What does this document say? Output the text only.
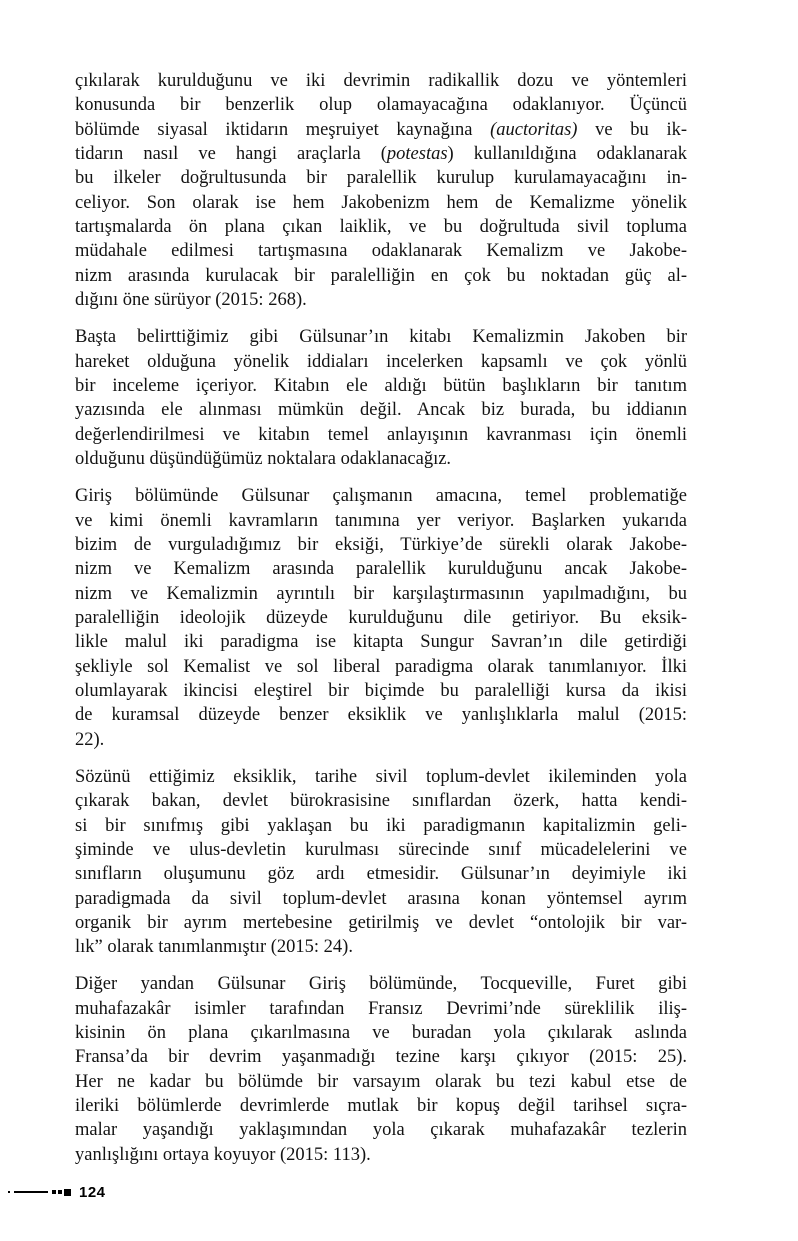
çıkılarak kurulduğunu ve iki devrimin radikallik dozu ve yöntemleri
konusunda bir benzerlik olup olamayacağına odaklanıyor. Üçüncü
bölümde siyasal iktidarın meşruiyet kaynağına (auctoritas) ve bu ik-
tidarın nasıl ve hangi araçlarla (potestas) kullanıldığına odaklanarak
bu ilkeler doğrultusunda bir paralellik kurulup kurulamayacağını in-
celiyor. Son olarak ise hem Jakobenizm hem de Kemalizme yönelik
tartışmalarda ön plana çıkan laiklik, ve bu doğrultuda sivil topluma
müdahale edilmesi tartışmasına odaklanarak Kemalizm ve Jakobe-
nizm arasında kurulacak bir paralelliğin en çok bu noktadan güç al-
dığını öne sürüyor (2015: 268).
Başta belirttiğimiz gibi Gülsunar’ın kitabı Kemalizmin Jakoben bir
hareket olduğuna yönelik iddiaları incelerken kapsamlı ve çok yönlü
bir inceleme içeriyor. Kitabın ele aldığı bütün başlıkların bir tanıtım
yazısında ele alınması mümkün değil. Ancak biz burada, bu iddianın
değerlendirilmesi ve kitabın temel anlayışının kavranması için önemli
olduğunu düşündüğümüz noktalara odaklanacağız.
Giriş bölümünde Gülsunar çalışmanın amacına, temel problematiğe
ve kimi önemli kavramların tanımına yer veriyor. Başlarken yukarıda
bizim de vurguladığımız bir eksiği, Türkiye’de sürekli olarak Jakobe-
nizm ve Kemalizm arasında paralellik kurulduğunu ancak Jakobe-
nizm ve Kemalizmin ayrıntılı bir karşılaştırmasının yapılmadığını, bu
paralelliğin ideolojik düzeyde kurulduğunu dile getiriyor. Bu eksik-
likle malul iki paradigma ise kitapta Sungur Savran’ın dile getirdiği
şekliyle sol Kemalist ve sol liberal paradigma olarak tanımlanıyor. İlki
olumlayarak ikincisi eleştirel bir biçimde bu paralelliği kursa da ikisi
de kuramsal düzeyde benzer eksiklik ve yanlışlıklarla malul (2015:
22).
Sözünü ettiğimiz eksiklik, tarihe sivil toplum-devlet ikileminden yola
çıkarak bakan, devlet bürokrasisine sınıflardan özerk, hatta kendi-
si bir sınıfmış gibi yaklaşan bu iki paradigmanın kapitalizmin geli-
şiminde ve ulus-devletin kurulması sürecinde sınıf mücadelelerini ve
sınıfların oluşumunu göz ardı etmesidir. Gülsunar’ın deyimiyle iki
paradigmada da sivil toplum-devlet arasına konan yöntemsel ayrım
organik bir ayrım mertebesine getirilmiş ve devlet “ontolojik bir var-
lık” olarak tanımlanmıştır (2015: 24).
Diğer yandan Gülsunar Giriş bölümünde, Tocqueville, Furet gibi
muhafazakâr isimler tarafından Fransız Devrimi’nde süreklilik iliş-
kisinin ön plana çıkarılmasına ve buradan yola çıkılarak aslında
Fransa’da bir devrim yaşanmadığı tezine karşı çıkıyor (2015: 25).
Her ne kadar bu bölümde bir varsayım olarak bu tezi kabul etse de
ileriki bölümlerde devrimlerde mutlak bir kopuş değil tarihsel sıçra-
malar yaşandığı yaklaşımından yola çıkarak muhafazakâr tezlerin
yanlışlığını ortaya koyuyor (2015: 113).
124
